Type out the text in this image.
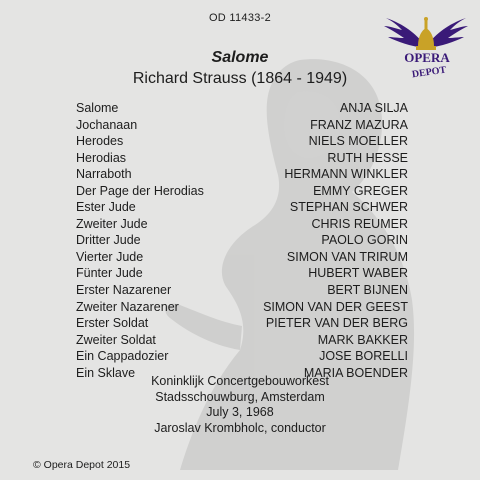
OD 11433-2
OPERA
DEPOT
Salome
Richard Strauss (1864 - 1949)
Salome	ANJA SILJA
Jochanaan	FRANZ MAZURA
Herodes	NIELS MOELLER
Herodias	RUTH HESSE
Narraboth	HERMANN WINKLER
Der Page der Herodias	EMMY GREGER
Ester Jude	STEPHAN SCHWER
Zweiter Jude	CHRIS REUMER
Dritter Jude	PAOLO GORIN
Vierter Jude	SIMON VAN TRIRUM
Fünter Jude	HUBERT WABER
Erster Nazarener	BERT BIJNEN
Zweiter Nazarener	SIMON VAN DER GEEST
Erster Soldat	PIETER VAN DER BERG
Zweiter Soldat	MARK BAKKER
Ein Cappadozier	JOSE BORELLI
Ein Sklave	MARIA BOENDER
Koninklijk Concertgebouworkest
Stadsschouwburg, Amsterdam
July 3, 1968
Jaroslav Krombholc, conductor
© Opera Depot 2015
